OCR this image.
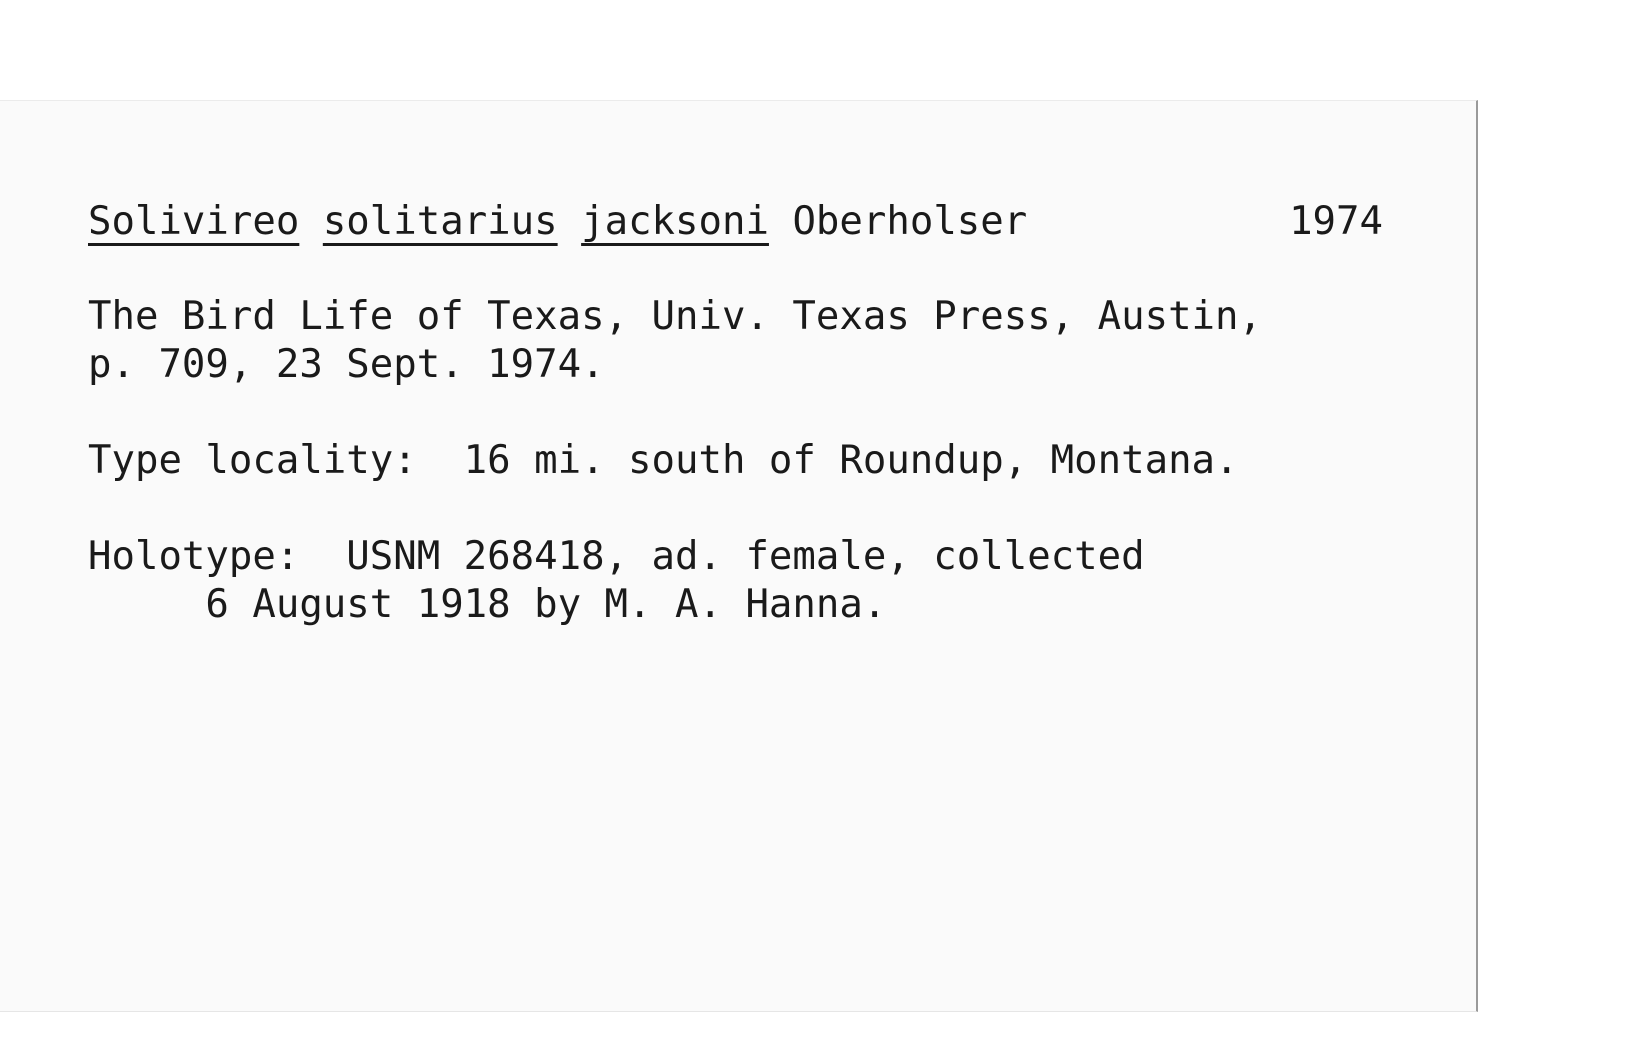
Solivireo solitarius jacksoni Oberholser	1974

The Bird Life of Texas, Univ. Texas Press, Austin,

p. 709, 23 Sept. 1974.

Type locality:  16 mi. south of Roundup, Montana.

Holotype:  USNM 268418, ad. female, collected

6 August 1918 by M. A. Hanna.
